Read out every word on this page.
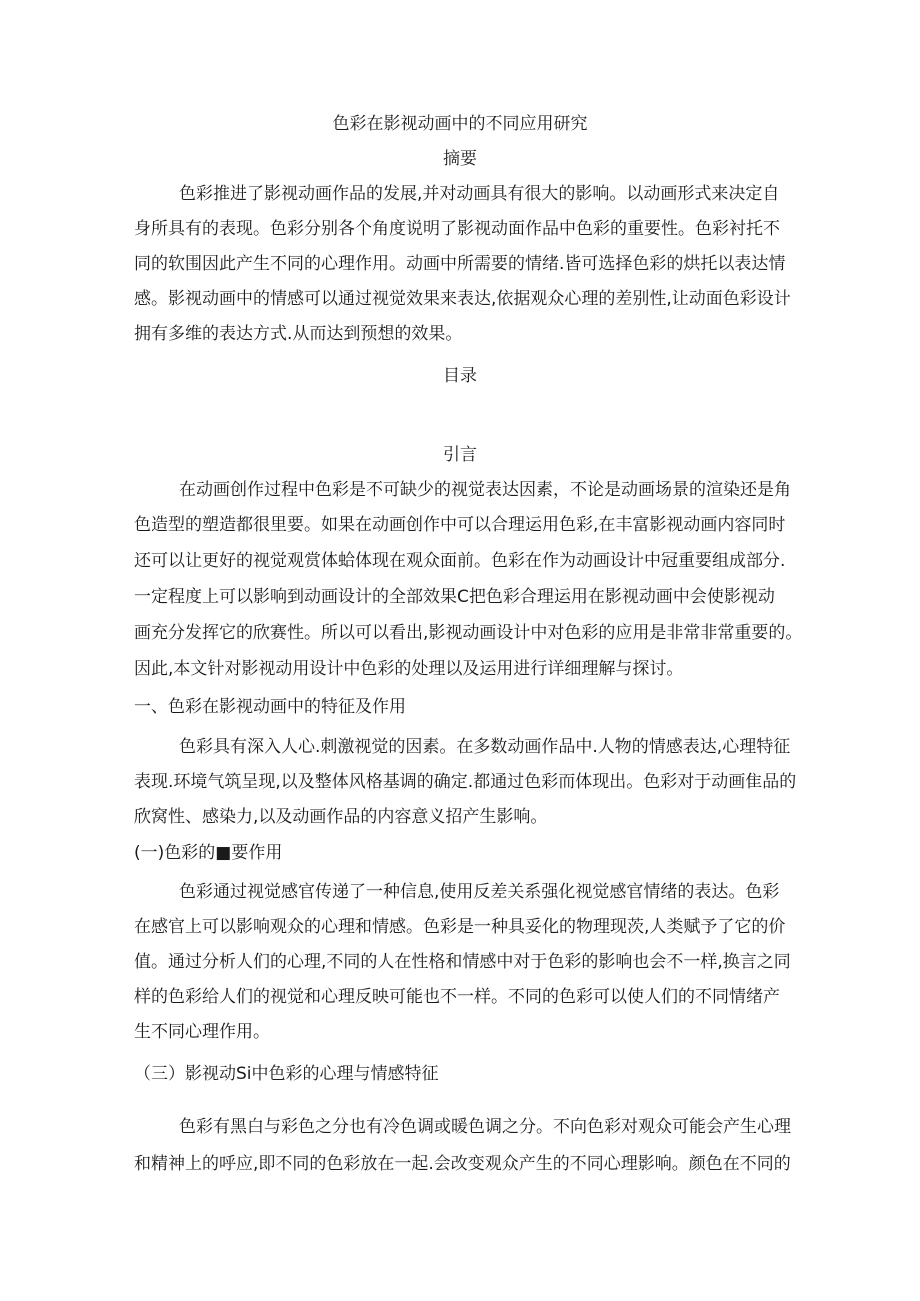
色彩在影视动画中的不同应用研究
摘要
色彩推进了影视动画作品的发展,并对动画具有很大的影响。以动画形式来决定自
身所具有的表现。色彩分别各个角度说明了影视动面作品中色彩的重要性。色彩衬托不
同的软围因此产生不同的心理作用。动画中所需要的情绪.皆可选择色彩的烘托以表达情
感。影视动画中的情感可以通过视觉效果来表达,依据观众心理的差别性,让动面色彩设计
拥有多维的表达方式.从而达到预想的效果。
目录
引言
在动画创作过程中色彩是不可缺少的视觉表达因素，不论是动画场景的渲染还是角
色造型的塑造都很里要。如果在动画创作中可以合理运用色彩,在丰富影视动画内容同时
还可以让更好的视觉观赏体蛤体现在观众面前。色彩在作为动画设计中冠重要组成部分.
一定程度上可以影响到动画设计的全部效果C把色彩合理运用在影视动画中会使影视动
画充分发挥它的欣赛性。所以可以看出,影视动画设计中对色彩的应用是非常非常重要的。
因此,本文针对影视动用设计中色彩的处理以及运用进行详细理解与探讨。
一、色彩在影视动画中的特征及作用
色彩具有深入人心.刺激视觉的因素。在多数动画作品中.人物的情感表达,心理特征
表现.环境气筑呈现,以及整体风格基调的确定.都通过色彩而体现出。色彩对于动画隹品的
欣窝性、感染力,以及动画作品的内容意义招产生影响。
(一)色彩的■要作用
色彩通过视觉感官传递了一种信息,使用反差关系强化视觉感官情绪的表达。色彩
在感官上可以影响观众的心理和情感。色彩是一种具妥化的物理现茨,人类赋予了它的价
值。通过分析人们的心理,不同的人在性格和情感中对于色彩的影响也会不一样,换言之同
样的色彩给人们的视觉和心理反映可能也不一样。不同的色彩可以使人们的不同情绪产
生不同心理作用。
（三）影视动Si中色彩的心理与情感特征
色彩有黑白与彩色之分也有冷色调或暖色调之分。不向色彩对观众可能会产生心理
和精神上的呼应,即不同的色彩放在一起.会改变观众产生的不同心理影响。颜色在不同的
